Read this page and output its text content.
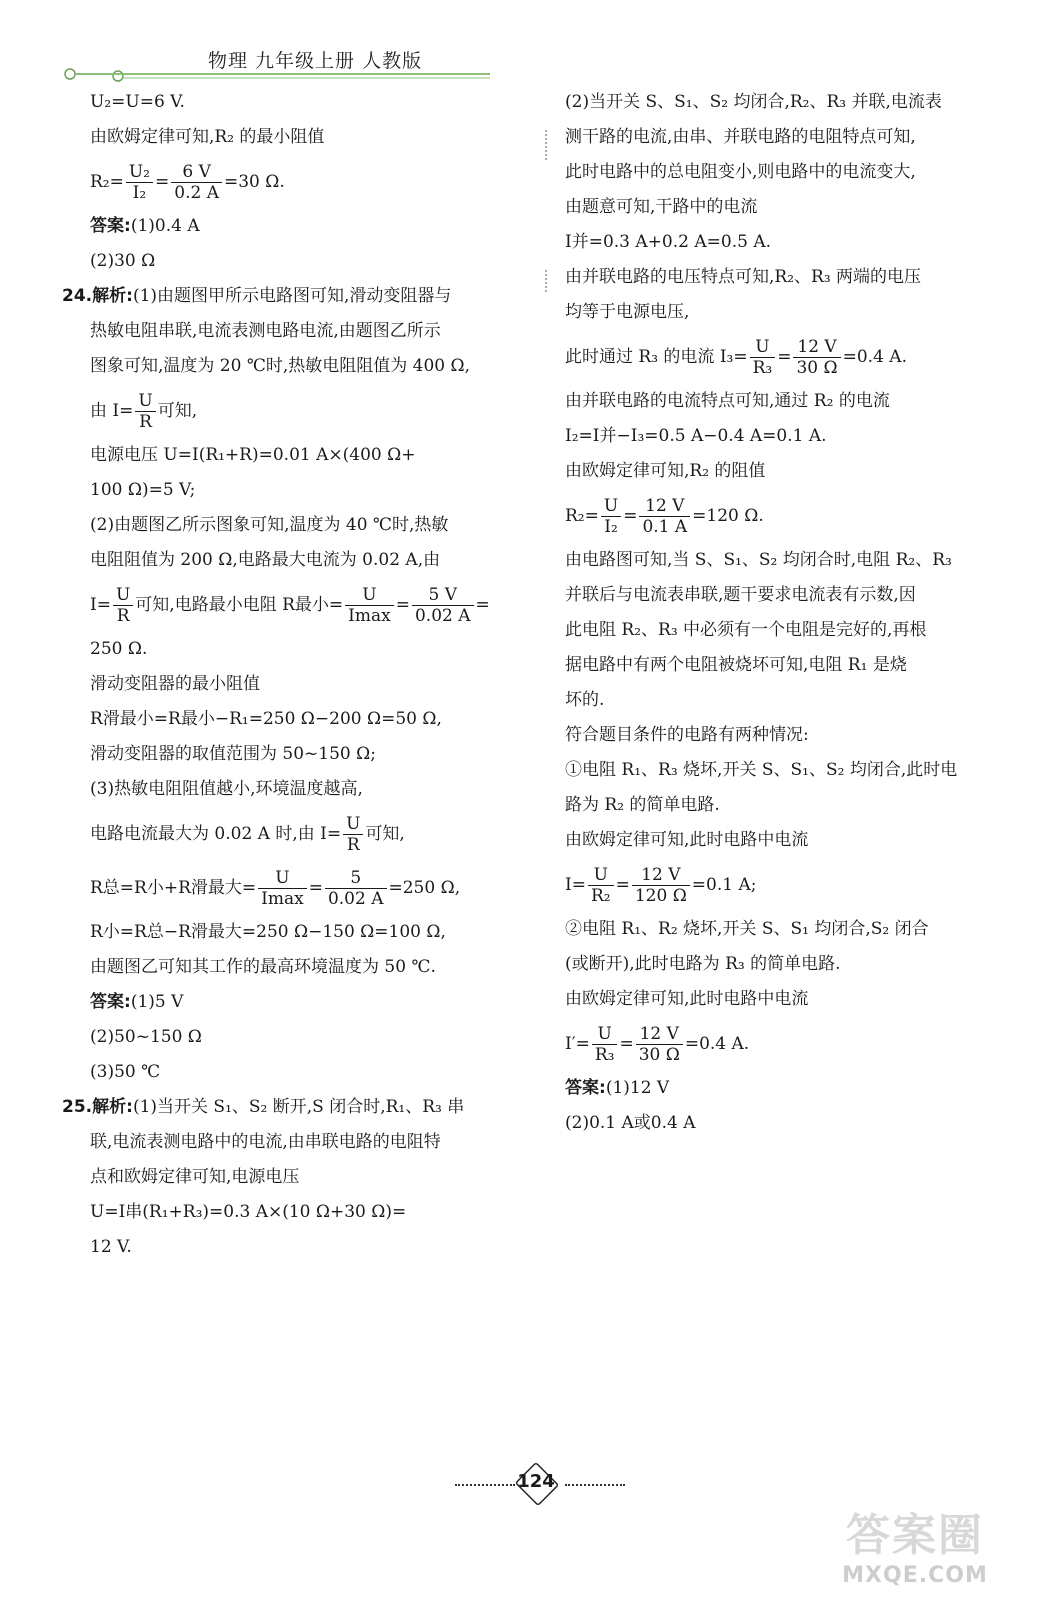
物理 九年级上册 人教版
U₂=U=6 V.
由欧姆定律可知,R₂ 的最小阻值
$R_2= \frac{\text{U₂}}{\text{I₂}} = \frac{6 V}{0.2 A} =30$ Ω.
答案:(1)0.4 A
(2)30 Ω
24.解析:(1)由题图甲所示电路图可知,滑动变阻器与
热敏电阻串联,电流表测电路电流,由题图乙所示
图象可知,温度为 20 ℃时,热敏电阻阻值为 400 Ω,
由 $I= \frac{U}{R}$ 可知,
电源电压 U=I(R₁+R)=0.01 A×(400 Ω+
100 Ω)=5 V;
(2)由题图乙所示图象可知,温度为 40 ℃时,热敏
电阻阻值为 200 Ω,电路最大电流为 0.02 A,由
$I= \frac{U}{R}$ 可知,电路最小电阻 R最小= $\frac{U}{Imax} = \frac{5 V}{0.02 A}$ =
250 Ω.
滑动变阻器的最小阻值
R滑最小=R最小−R₁=250 Ω−200 Ω=50 Ω,
滑动变阻器的取值范围为 50~150 Ω;
(3)热敏电阻阻值越小,环境温度越高,
电路电流最大为 0.02 A 时,由 $I= \frac{U}{R}$ 可知,
R总=R小+R滑最大= $\frac{U}{Imax} = \frac{5}{0.02 A} =250$ Ω,
R小=R总−R滑最大=250 Ω−150 Ω=100 Ω,
由题图乙可知其工作的最高环境温度为 50 ℃.
答案:(1)5 V
(2)50~150 Ω
(3)50 ℃
25.解析:(1)当开关 S₁、S₂ 断开,S 闭合时,R₁、R₃ 串
联,电流表测电路中的电流,由串联电路的电阻特
点和欧姆定律可知,电源电压
U=I串(R₁+R₃)=0.3 A×(10 Ω+30 Ω)=
12 V.
(2)当开关 S、S₁、S₂ 均闭合,R₂、R₃ 并联,电流表
测干路的电流,由串、并联电路的电阻特点可知,
此时电路中的总电阻变小,则电路中的电流变大,
由题意可知,干路中的电流
I并=0.3 A+0.2 A=0.5 A.
由并联电路的电压特点可知,R₂、R₃ 两端的电压
均等于电源电压,
此时通过 R₃ 的电流 $I_3= \frac{U}{\text{R₃}} = \frac{12 V}{30 \Omega} =0.4$ A.
由并联电路的电流特点可知,通过 R₂ 的电流
I₂=I并−I₃=0.5 A−0.4 A=0.1 A.
由欧姆定律可知,R₂ 的阻值
$R_2= \frac{U}{\text{I₂}} = \frac{12 V}{0.1 A} =120$ Ω.
由电路图可知,当 S、S₁、S₂ 均闭合时,电阻 R₂、R₃
并联后与电流表串联,题干要求电流表有示数,因
此电阻 R₂、R₃ 中必须有一个电阻是完好的,再根
据电路中有两个电阻被烧坏可知,电阻 R₁ 是烧
坏的.
符合题目条件的电路有两种情况:
①电阻 R₁、R₃ 烧坏,开关 S、S₁、S₂ 均闭合,此时电
路为 R₂ 的简单电路.
由欧姆定律可知,此时电路中电流
$I= \frac{U}{\text{R₂}} = \frac{12 V}{120 \Omega} =0.1$ A;
②电阻 R₁、R₂ 烧坏,开关 S、S₁ 均闭合,S₂ 闭合
(或断开),此时电路为 R₃ 的简单电路.
由欧姆定律可知,此时电路中电流
$I'= \frac{U}{\text{R₃}} = \frac{12 V}{30 \Omega} =0.4$ A.
答案:(1)12 V
(2)0.1 A或0.4 A
124
答案圈
MXQE.COM
